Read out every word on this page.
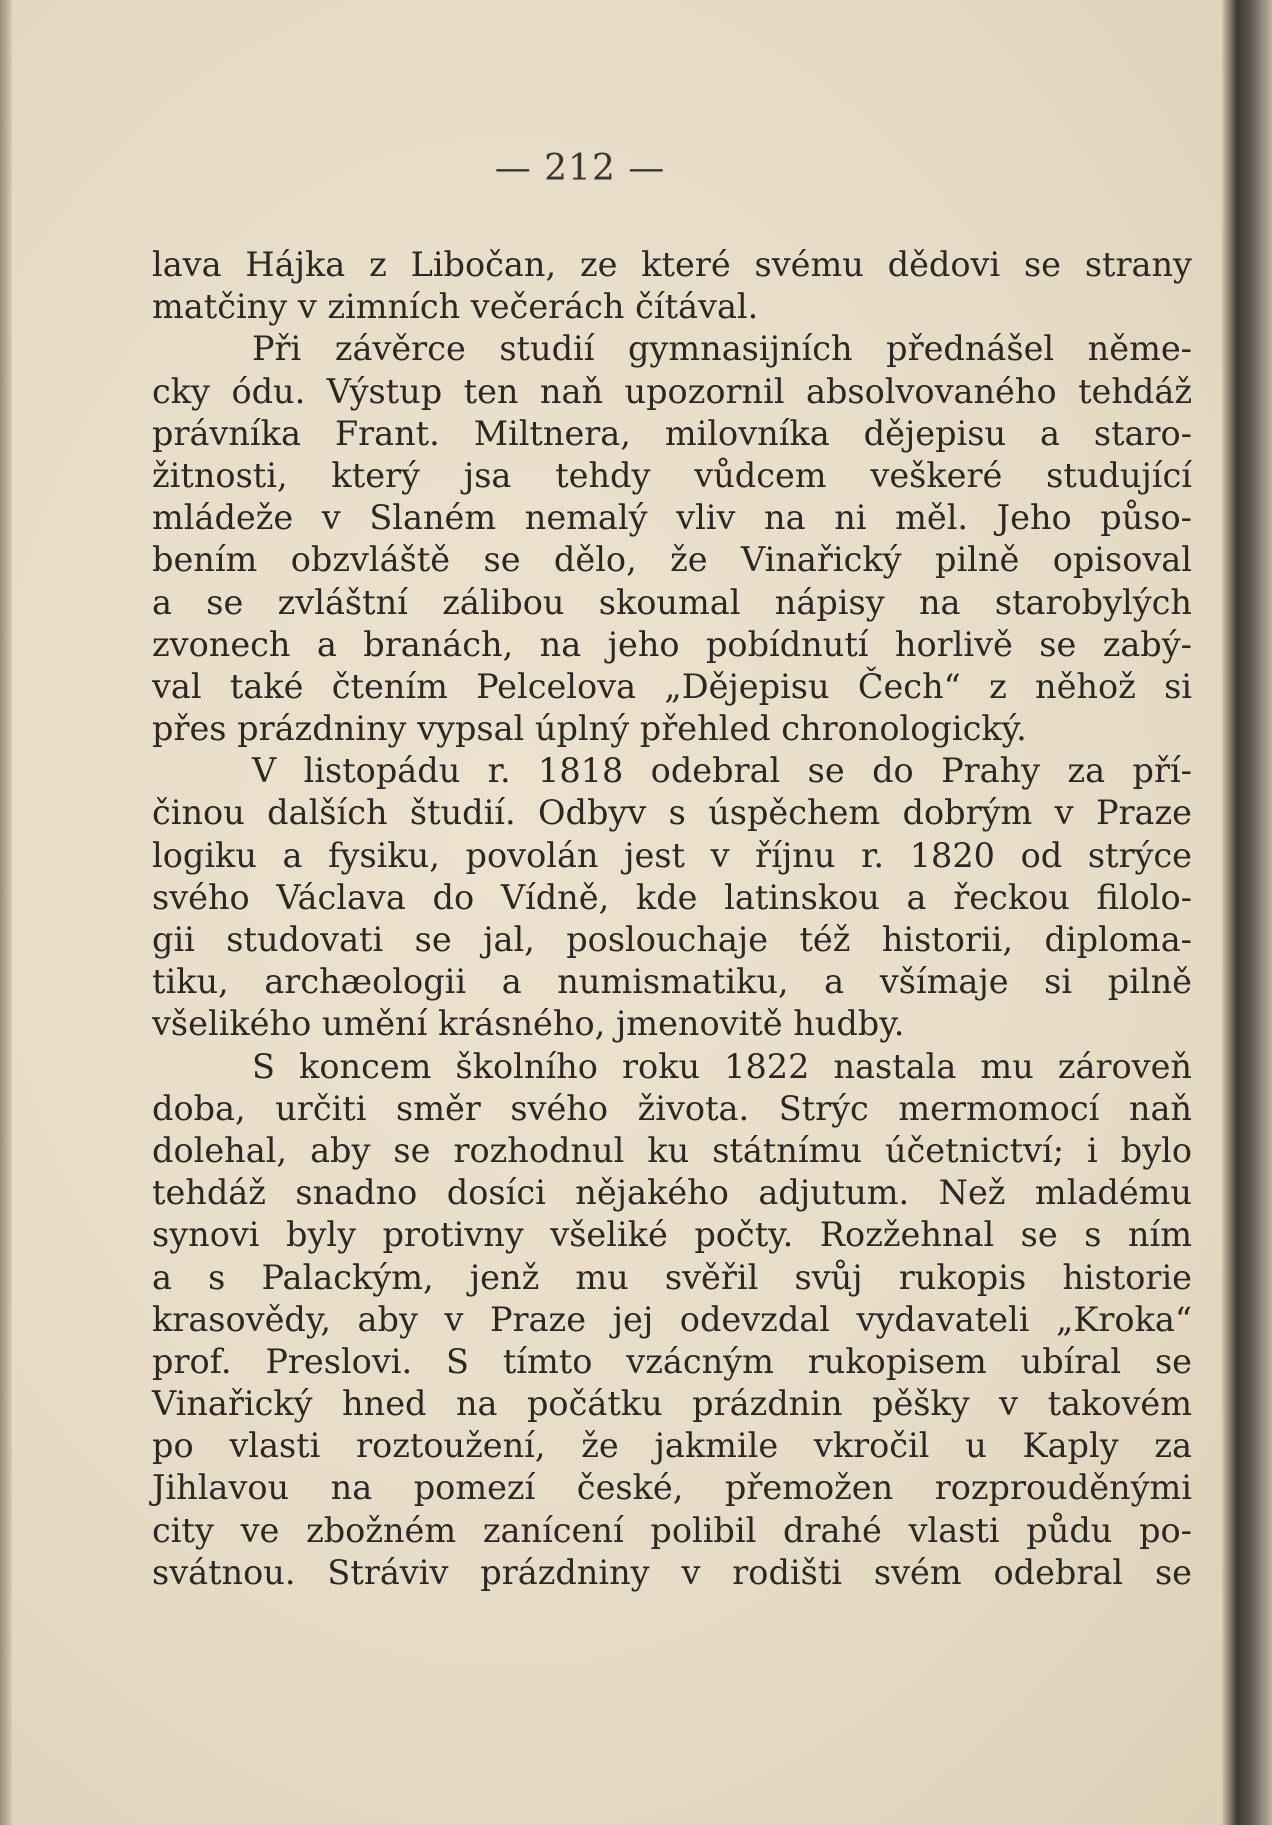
— 212 —
lava Hájka z Libočan, ze které svému dědovi se strany
matčiny v zimních večerách čítával.
Při závěrce studií gymnasijních přednášel něme-
cky ódu. Výstup ten naň upozornil absolvovaného tehdáž
právníka Frant. Miltnera, milovníka dějepisu a staro-
žitnosti, který jsa tehdy vůdcem veškeré studující
mládeže v Slaném nemalý vliv na ni měl. Jeho půso-
bením obzvláště se dělo, že Vinařický pilně opisoval
a se zvláštní zálibou skoumal nápisy na starobylých
zvonech a branách, na jeho pobídnutí horlivě se zabý-
val také čtením Pelcelova „Dějepisu Čech“ z něhož si
přes prázdniny vypsal úplný přehled chronologický.
V listopádu r. 1818 odebral se do Prahy za pří-
činou dalších študií. Odbyv s úspěchem dobrým v Praze
logiku a fysiku, povolán jest v říjnu r. 1820 od strýce
svého Václava do Vídně, kde latinskou a řeckou filolo-
gii studovati se jal, poslouchaje též historii, diploma-
tiku, archæologii a numismatiku, a všímaje si pilně
všelikého umění krásného, jmenovitě hudby.
S koncem školního roku 1822 nastala mu zároveň
doba, určiti směr svého života. Strýc mermomocí naň
dolehal, aby se rozhodnul ku státnímu účetnictví; i bylo
tehdáž snadno dosíci nějakého adjutum. Než mladému
synovi byly protivny všeliké počty. Rozžehnal se s ním
a s Palackým, jenž mu svěřil svůj rukopis historie
krasovědy, aby v Praze jej odevzdal vydavateli „Kroka“
prof. Preslovi. S tímto vzácným rukopisem ubíral se
Vinařický hned na počátku prázdnin pěšky v takovém
po vlasti roztoužení, že jakmile vkročil u Kaply za
Jihlavou na pomezí české, přemožen rozprouděnými
city ve zbožném zanícení polibil drahé vlasti půdu po-
svátnou. Stráviv prázdniny v rodišti svém odebral se
